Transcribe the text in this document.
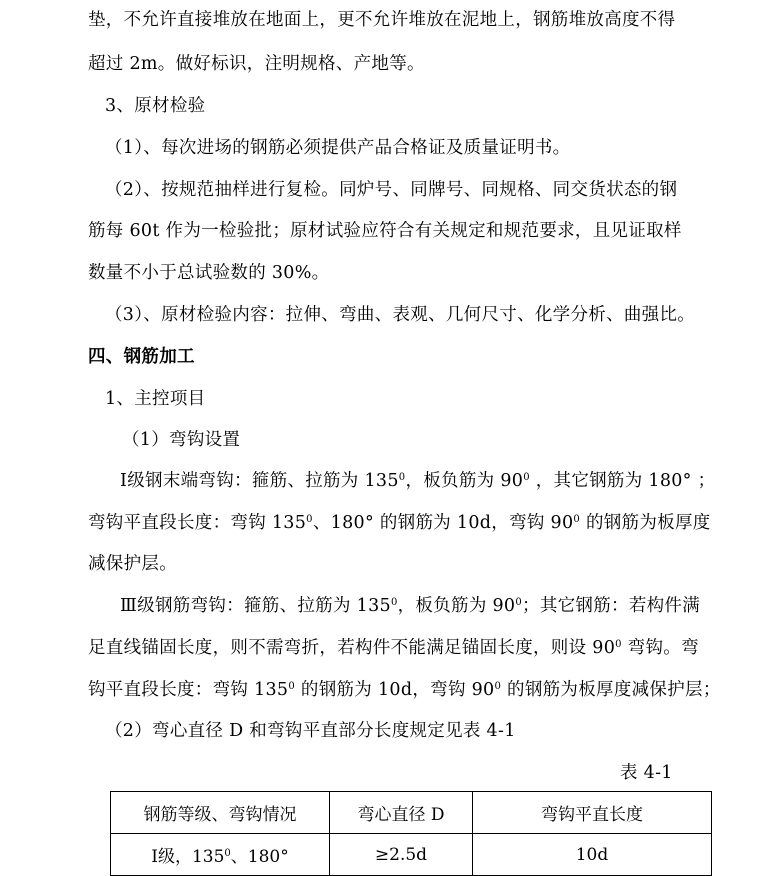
垫，不允许直接堆放在地面上，更不允许堆放在泥地上，钢筋堆放高度不得
超过 2m。做好标识，注明规格、产地等。
3、原材检验
（1）、每次进场的钢筋必须提供产品合格证及质量证明书。
（2）、按规范抽样进行复检。同炉号、同牌号、同规格、同交货状态的钢
筋每 60t 作为一检验批；原材试验应符合有关规定和规范要求，且见证取样
数量不小于总试验数的 30%。
（3）、原材检验内容：拉伸、弯曲、表观、几何尺寸、化学分析、曲强比。
四、钢筋加工
1、主控项目
（1）弯钩设置
Ⅰ级钢末端弯钩：箍筋、拉筋为 $135^0$，板负筋为 $90^0$ ，其它钢筋为 180° ；
弯钩平直段长度：弯钩 $135^0$、180° 的钢筋为 10d，弯钩 $90^0$ 的钢筋为板厚度
减保护层。
Ⅲ级钢筋弯钩：箍筋、拉筋为 $135^0$，板负筋为 $90^0$；其它钢筋：若构件满
足直线锚固长度，则不需弯折，若构件不能满足锚固长度，则设 $90^0$ 弯钩。弯
钩平直段长度：弯钩 $135^0$ 的钢筋为 10d，弯钩 $90^0$ 的钢筋为板厚度减保护层；
（2）弯心直径 D 和弯钩平直部分长度规定见表 4-1
表 4-1
钢筋等级、弯钩情况	弯心直径 D	弯钩平直长度
Ⅰ级，$135^0$、180°	≥2.5d	10d
